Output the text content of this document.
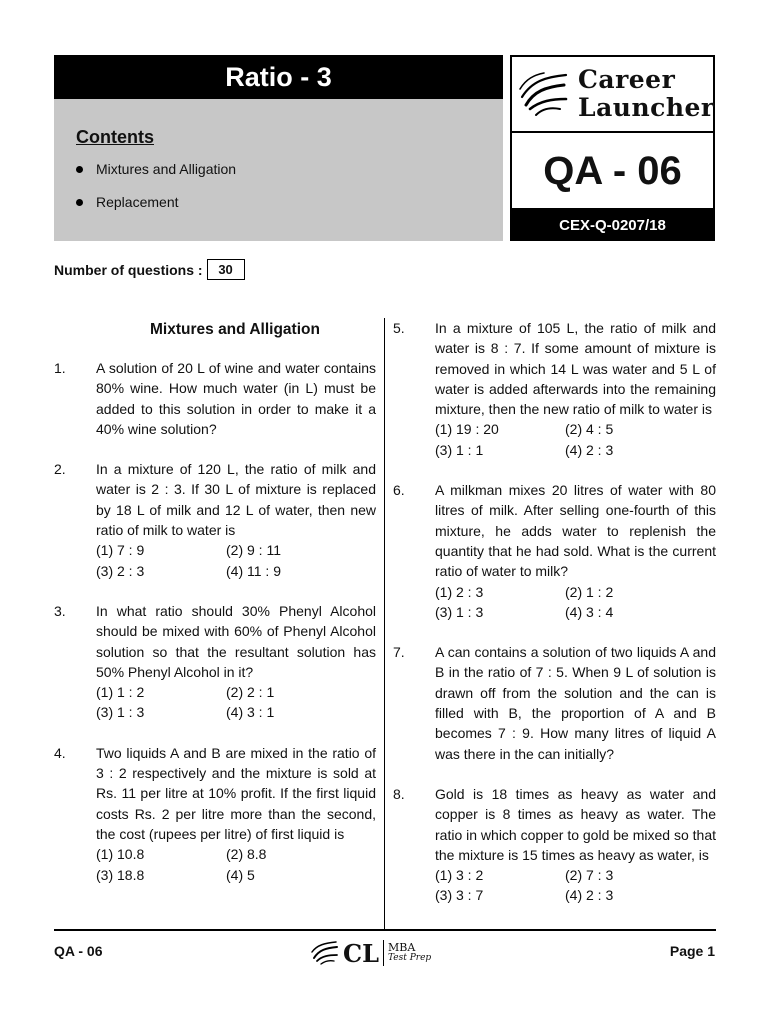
Ratio - 3
Contents
Mixtures and Alligation
Replacement
Career
Launcher
QA - 06
CEX-Q-0207/18
Number of questions :	30
Mixtures and Alligation
1.	A solution of 20 L of wine and water contains 80% wine. How much water (in L) must be added to this solution in order to make it a 40% wine solution?
2.	In a mixture of 120 L, the ratio of milk and water is 2 : 3. If 30 L of mixture is replaced by 18 L of milk and 12 L of water, then new ratio of milk to water is
(1) 7 : 9	(2) 9 : 11
(3) 2 : 3	(4) 11 : 9
3.	In what ratio should 30% Phenyl Alcohol should be mixed with 60% of Phenyl Alcohol solution so that the resultant solution has 50% Phenyl Alcohol in it?
(1) 1 : 2	(2) 2 : 1
(3) 1 : 3	(4) 3 : 1
4.	Two liquids A and B are mixed in the ratio of 3 : 2 respectively and the mixture is sold at Rs. 11 per litre at 10% profit. If the first liquid costs Rs. 2 per litre more than the second, the cost (rupees per litre) of first liquid is
(1) 10.8	(2) 8.8
(3) 18.8	(4) 5
5.	In a mixture of 105 L, the ratio of milk and water is 8 : 7. If some amount of mixture is removed in which 14 L was water and 5 L of water is added afterwards into the remaining mixture, then the new ratio of milk to water is
(1) 19 : 20	(2) 4 : 5
(3) 1 : 1	(4) 2 : 3
6.	A milkman mixes 20 litres of water with 80 litres of milk. After selling one-fourth of this mixture, he adds water to replenish the quantity that he had sold. What is the current ratio of water to milk?
(1) 2 : 3	(2) 1 : 2
(3) 1 : 3	(4) 3 : 4
7.	A can contains a solution of two liquids A and B in the ratio of 7 : 5. When 9 L of solution is drawn off from the solution and the can is filled with B, the proportion of A and B becomes 7 : 9. How many litres of liquid A was there in the can initially?
8.	Gold is 18 times as heavy as water and copper is 8 times as heavy as water. The ratio in which copper to gold be mixed so that the mixture is 15 times as heavy as water, is
(1) 3 : 2	(2) 7 : 3
(3) 3 : 7	(4) 2 : 3
QA - 06	CL MBA
Test Prep	Page 1
